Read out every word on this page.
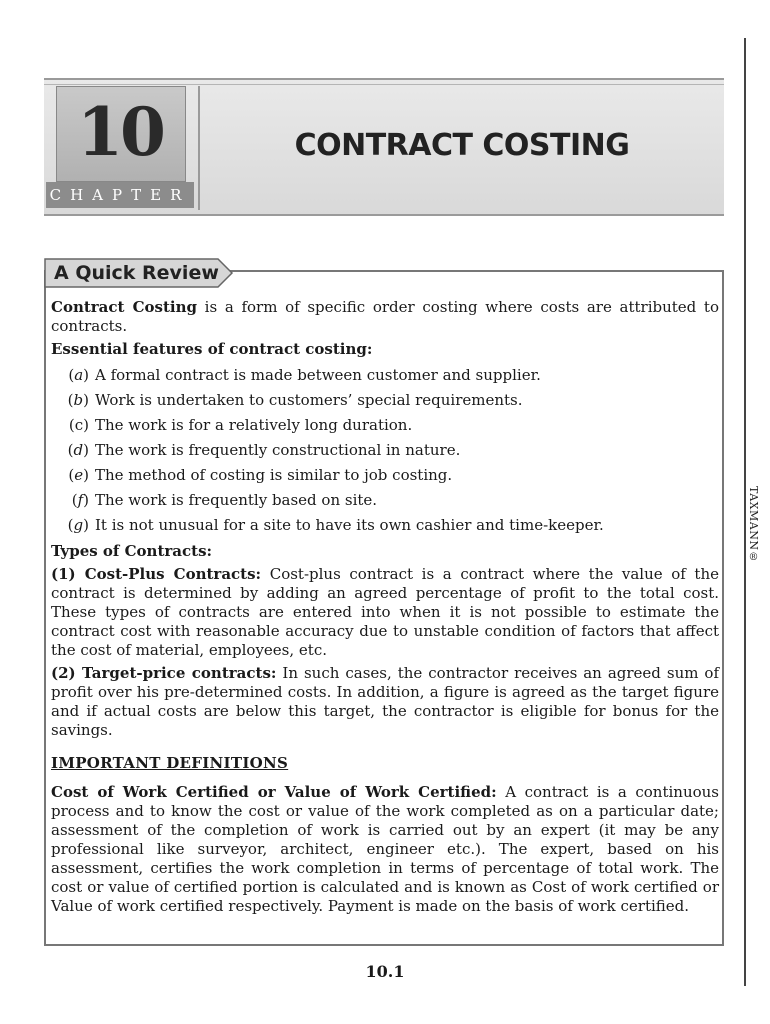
TAXMANN®
10
CHAPTER
CONTRACT COSTING
A Quick Review

Contract Costing is a form of specific order costing where costs are attributed to contracts.

Essential features of contract costing:

(a) A formal contract is made between customer and supplier.
(b) Work is undertaken to customers’ special requirements.
(c) The work is for a relatively long duration.
(d) The work is frequently constructional in nature.
(e) The method of costing is similar to job costing.
(f) The work is frequently based on site.
(g) It is not unusual for a site to have its own cashier and time-keeper.

Types of Contracts:

(1) Cost-Plus Contracts: Cost-plus contract is a contract where the value of the contract is determined by adding an agreed percentage of profit to the total cost. These types of contracts are entered into when it is not possible to estimate the contract cost with reasonable accuracy due to unstable condition of factors that affect the cost of material, employees, etc.

(2) Target-price contracts: In such cases, the contractor receives an agreed sum of profit over his pre-determined costs. In addition, a figure is agreed as the target figure and if actual costs are below this target, the contractor is eligible for bonus for the savings.

IMPORTANT DEFINITIONS

Cost of Work Certified or Value of Work Certified: A contract is a continuous process and to know the cost or value of the work completed as on a particular date; assessment of the completion of work is carried out by an expert (it may be any professional like surveyor, architect, engineer etc.). The expert, based on his assessment, certifies the work completion in terms of percentage of total work. The cost or value of certified portion is calculated and is known as Cost of work certified or Value of work certified respectively. Payment is made on the basis of work certified.

10.1
